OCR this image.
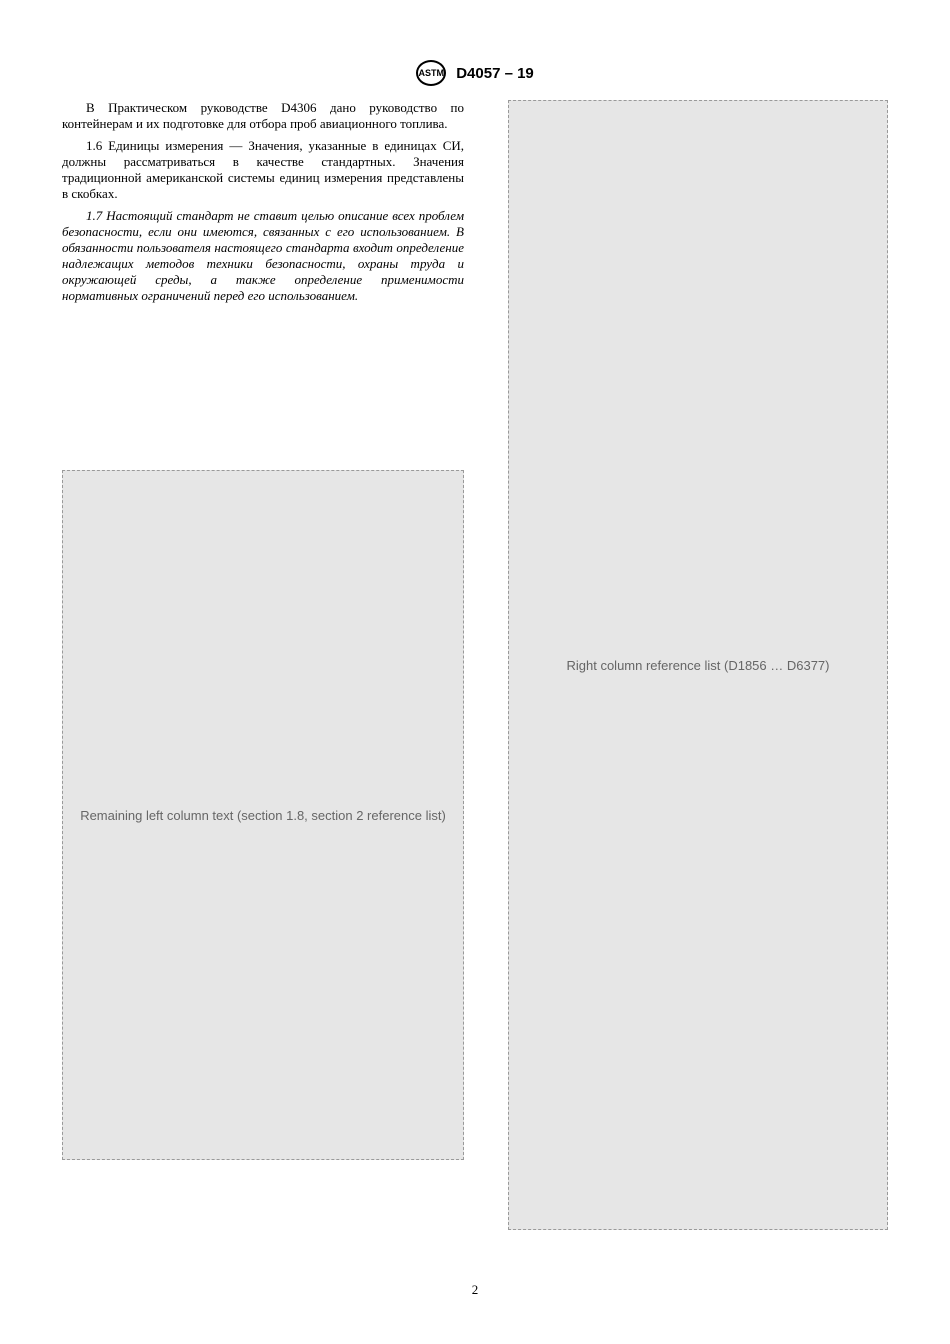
ASTM D4057 – 19

В Практическом руководстве D4306 дано руководство по контейнерам и их подготовке для отбора проб авиационного топлива.

1.6 Единицы измерения — Значения, указанные в единицах СИ, должны рассматриваться в качестве стандартных. Значения традиционной американской системы единиц измерения представлены в скобках.

1.7 Настоящий стандарт не ставит целью описание всех проблем безопасности, если они имеются, связанных с его использованием. В обязанности пользователя настоящего стандарта входит определение надлежащих методов техники безопасности, охраны труда и окружающей среды, а также определение применимости нормативных ограничений перед его использованием.

Remaining left column text (section 1.8, section 2 reference list)
Right column reference list (D1856 … D6377)
2
